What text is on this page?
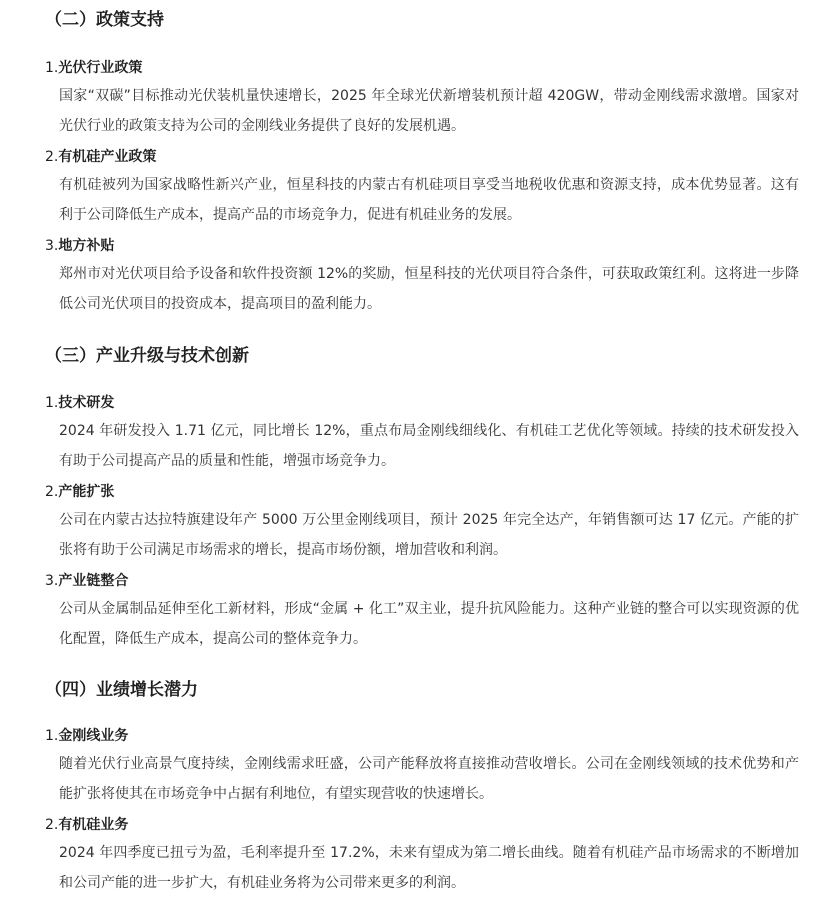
（二）政策支持
1.光伏行业政策

国家“双碳”目标推动光伏装机量快速增长，2025 年全球光伏新增装机预计超 420GW，带动金刚线需求激增。国家对光伏行业的政策支持为公司的金刚线业务提供了良好的发展机遇。

2.有机硅产业政策

有机硅被列为国家战略性新兴产业，恒星科技的内蒙古有机硅项目享受当地税收优惠和资源支持，成本优势显著。这有利于公司降低生产成本，提高产品的市场竞争力，促进有机硅业务的发展。

3.地方补贴

郑州市对光伏项目给予设备和软件投资额 12%的奖励，恒星科技的光伏项目符合条件，可获取政策红利。这将进一步降低公司光伏项目的投资成本，提高项目的盈利能力。

（三）产业升级与技术创新
1.技术研发

2024 年研发投入 1.71 亿元，同比增长 12%，重点布局金刚线细线化、有机硅工艺优化等领域。持续的技术研发投入有助于公司提高产品的质量和性能，增强市场竞争力。

2.产能扩张

公司在内蒙古达拉特旗建设年产 5000 万公里金刚线项目，预计 2025 年完全达产，年销售额可达 17 亿元。产能的扩张将有助于公司满足市场需求的增长，提高市场份额，增加营收和利润。

3.产业链整合

公司从金属制品延伸至化工新材料，形成“金属 + 化工”双主业，提升抗风险能力。这种产业链的整合可以实现资源的优化配置，降低生产成本，提高公司的整体竞争力。

（四）业绩增长潜力
1.金刚线业务

随着光伏行业高景气度持续，金刚线需求旺盛，公司产能释放将直接推动营收增长。公司在金刚线领域的技术优势和产能扩张将使其在市场竞争中占据有利地位，有望实现营收的快速增长。

2.有机硅业务

2024 年四季度已扭亏为盈，毛利率提升至 17.2%，未来有望成为第二增长曲线。随着有机硅产品市场需求的不断增加和公司产能的进一步扩大，有机硅业务将为公司带来更多的利润。
